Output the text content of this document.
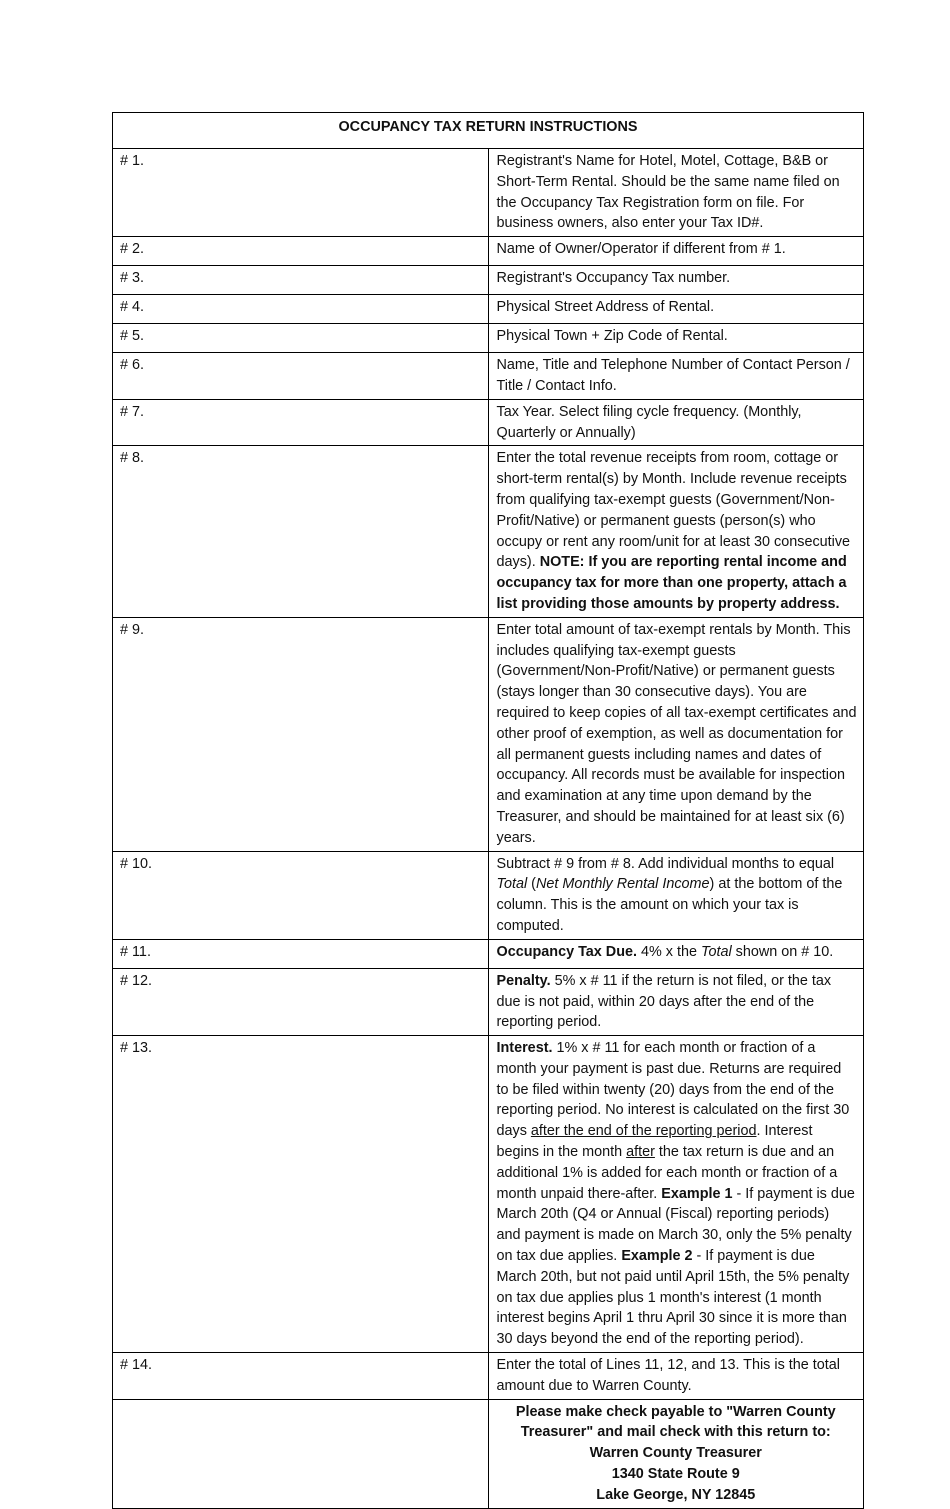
OCCUPANCY TAX RETURN INSTRUCTIONS	
# 1.	Registrant's Name for Hotel, Motel, Cottage, B&B or Short-Term Rental. Should be the same name filed on the Occupancy Tax Registration form on file. For business owners, also enter your Tax ID#.
# 2.	Name of Owner/Operator if different from # 1.
# 3.	Registrant's Occupancy Tax number.
# 4.	Physical Street Address of Rental.
# 5.	Physical Town + Zip Code of Rental.
# 6.	Name, Title and Telephone Number of Contact Person / Title / Contact Info.
# 7.	Tax Year. Select filing cycle frequency. (Monthly, Quarterly or Annually)
# 8.	Enter the total revenue receipts from room, cottage or short-term rental(s) by Month. Include revenue receipts from qualifying tax-exempt guests (Government/Non-Profit/Native) or permanent guests (person(s) who occupy or rent any room/unit for at least 30 consecutive days). NOTE: If you are reporting rental income and occupancy tax for more than one property, attach a list providing those amounts by property address.
# 9.	Enter total amount of tax-exempt rentals by Month. This includes qualifying tax-exempt guests (Government/Non-Profit/Native) or permanent guests (stays longer than 30 consecutive days). You are required to keep copies of all tax-exempt certificates and other proof of exemption, as well as documentation for all permanent guests including names and dates of occupancy. All records must be available for inspection and examination at any time upon demand by the Treasurer, and should be maintained for at least six (6) years.
# 10.	Subtract # 9 from # 8. Add individual months to equal Total (Net Monthly Rental Income) at the bottom of the column. This is the amount on which your tax is computed.
# 11.	Occupancy Tax Due. 4% x the Total shown on # 10.
# 12.	Penalty. 5% x # 11 if the return is not filed, or the tax due is not paid, within 20 days after the end of the reporting period.
# 13.	Interest. 1% x # 11 for each month or fraction of a month your payment is past due. Returns are required to be filed within twenty (20) days from the end of the reporting period. No interest is calculated on the first 30 days after the end of the reporting period. Interest begins in the month after the tax return is due and an additional 1% is added for each month or fraction of a month unpaid there-after. Example 1 - If payment is due March 20th (Q4 or Annual (Fiscal) reporting periods) and payment is made on March 30, only the 5% penalty on tax due applies. Example 2 - If payment is due March 20th, but not paid until April 15th, the 5% penalty on tax due applies plus 1 month's interest (1 month interest begins April 1 thru April 30 since it is more than 30 days beyond the end of the reporting period).
# 14.	Enter the total of Lines 11, 12, and 13. This is the total amount due to Warren County.

	Please make check payable to "Warren County Treasurer" and mail check with this return to:
Warren County Treasurer
1340 State Route 9
Lake George, NY 12845
